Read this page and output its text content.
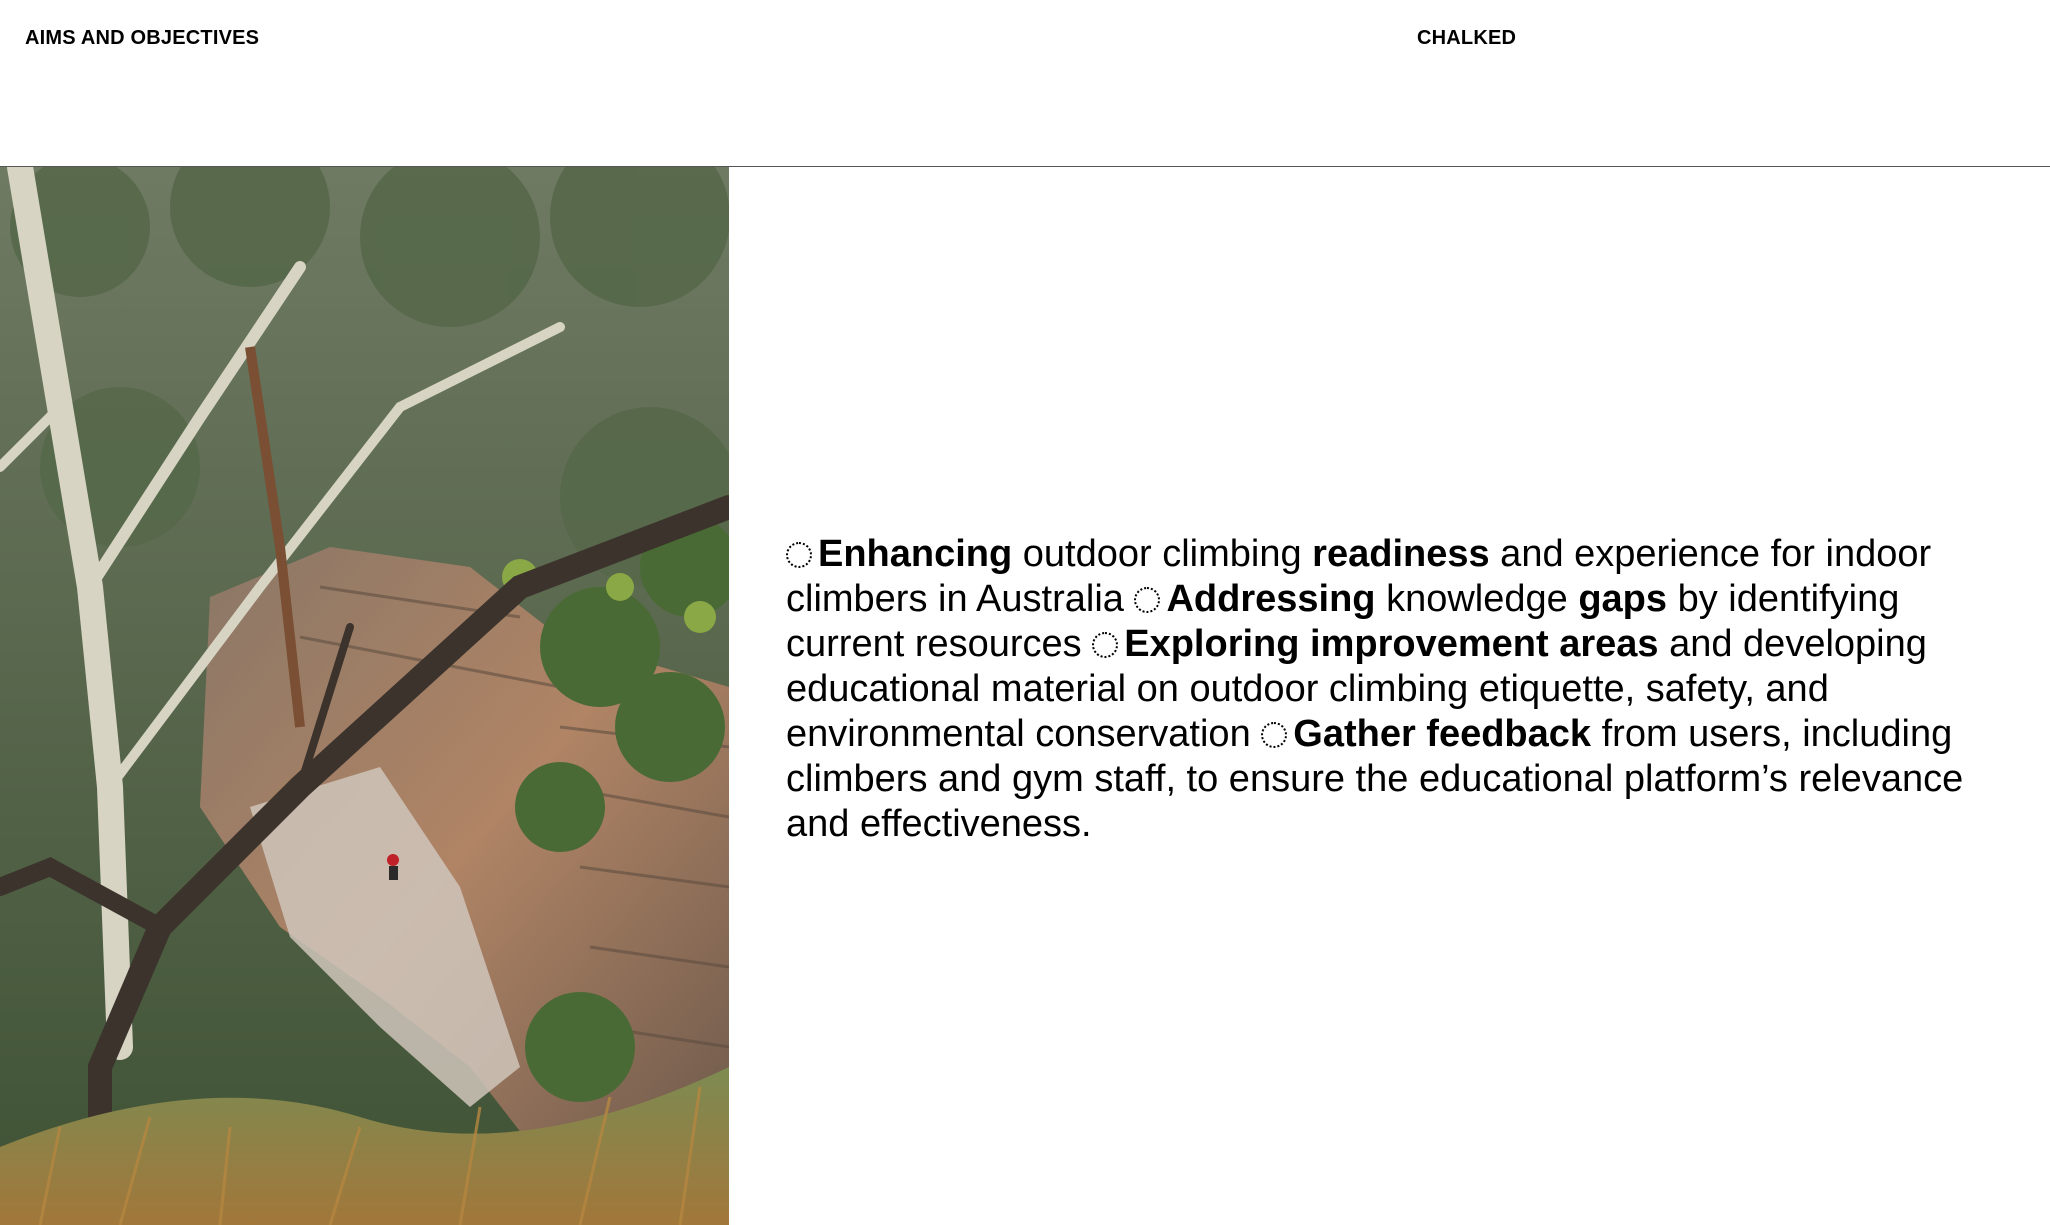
AIMS AND OBJECTIVES	CHALKED

Enhancing outdoor climbing readiness and experience for indoor climbers in Australia Addressing knowledge gaps by identifying current resources Exploring improvement areas and developing educational material on outdoor climbing etiquette, safety, and environmental conservation Gather feedback from users, including climbers and gym staff, to ensure the educational platform’s relevance and effectiveness.
